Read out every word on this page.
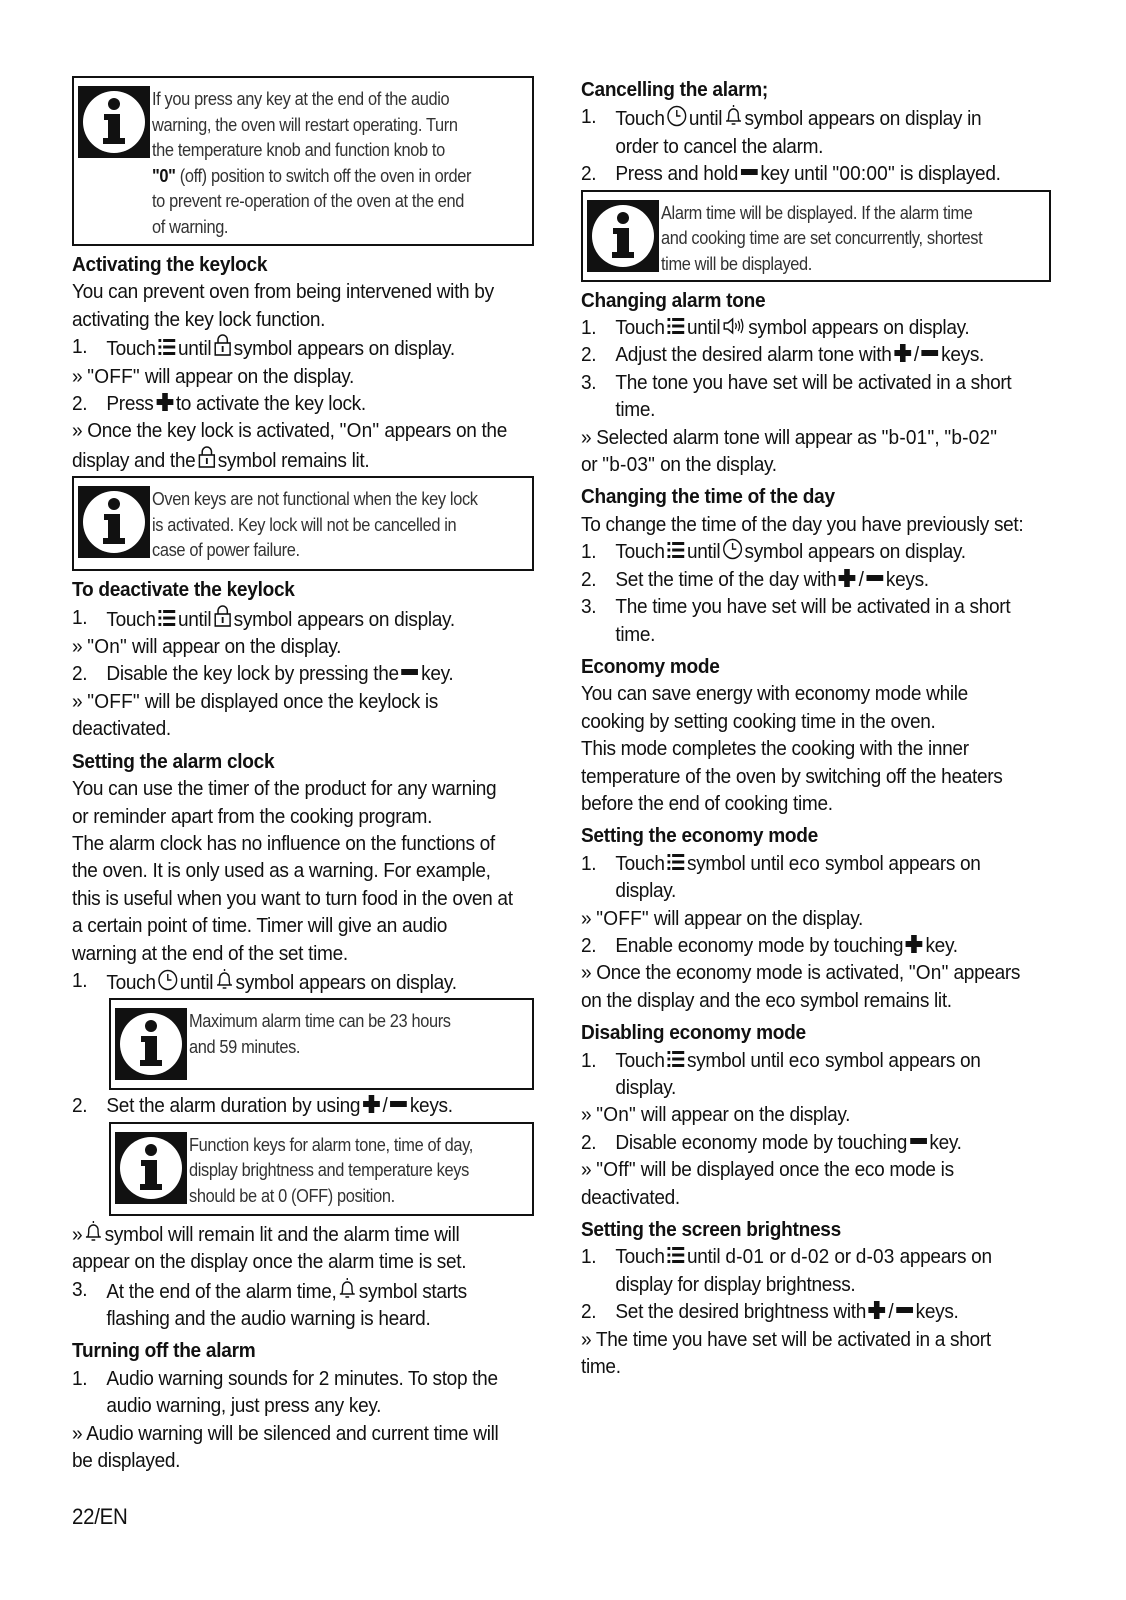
If you press any key at the end of the audio
warning, the oven will restart operating. Turn
the temperature knob and function knob to
"0" (off) position to switch off the oven in order
to prevent re-operation of the oven at the end
of warning.
Activating the keylock
You can prevent oven from being intervened with by
activating the key lock function.
1. Touch until symbol appears on display.
» "OFF" will appear on the display.
2. Press to activate the key lock.
» Once the key lock is activated, "On" appears on the
display and the symbol remains lit.
Oven keys are not functional when the key lock
is activated. Key lock will not be cancelled in
case of power failure.
To deactivate the keylock
1. Touch until symbol appears on display.
» "On" will appear on the display.
2. Disable the key lock by pressing the key.
» "OFF" will be displayed once the keylock is
deactivated.
Setting the alarm clock
You can use the timer of the product for any warning
or reminder apart from the cooking program.
The alarm clock has no influence on the functions of
the oven. It is only used as a warning. For example,
this is useful when you want to turn food in the oven at
a certain point of time. Timer will give an audio
warning at the end of the set time.
1. Touch until symbol appears on display.
Maximum alarm time can be 23 hours
and 59 minutes.
2. Set the alarm duration by using / keys.
Function keys for alarm tone, time of day,
display brightness and temperature keys
should be at 0 (OFF) position.
» symbol will remain lit and the alarm time will
appear on the display once the alarm time is set.
3. At the end of the alarm time, symbol starts
flashing and the audio warning is heard.
Turning off the alarm
1. Audio warning sounds for 2 minutes. To stop the
audio warning, just press any key.
» Audio warning will be silenced and current time will
be displayed.
Cancelling the alarm;
1. Touch until symbol appears on display in
order to cancel the alarm.
2. Press and hold key until "00:00" is displayed.
Alarm time will be displayed. If the alarm time
and cooking time are set concurrently, shortest
time will be displayed.
Changing alarm tone
1. Touch until symbol appears on display.
2. Adjust the desired alarm tone with / keys.
3. The tone you have set will be activated in a short
time.
» Selected alarm tone will appear as "b-01", "b-02"
or "b-03" on the display.
Changing the time of the day
To change the time of the day you have previously set:
1. Touch until symbol appears on display.
2. Set the time of the day with / keys.
3. The time you have set will be activated in a short
time.
Economy mode
You can save energy with economy mode while
cooking by setting cooking time in the oven.
This mode completes the cooking with the inner
temperature of the oven by switching off the heaters
before the end of cooking time.
Setting the economy mode
1. Touch symbol until eco symbol appears on
display.
» "OFF" will appear on the display.
2. Enable economy mode by touching key.
» Once the economy mode is activated, "On" appears
on the display and the eco symbol remains lit.
Disabling economy mode
1. Touch symbol until eco symbol appears on
display.
» "On" will appear on the display.
2. Disable economy mode by touching key.
» "Off" will be displayed once the eco mode is
deactivated.
Setting the screen brightness
1. Touch until d-01 or d-02 or d-03 appears on
display for display brightness.
2. Set the desired brightness with / keys.
» The time you have set will be activated in a short
time.
22/EN
